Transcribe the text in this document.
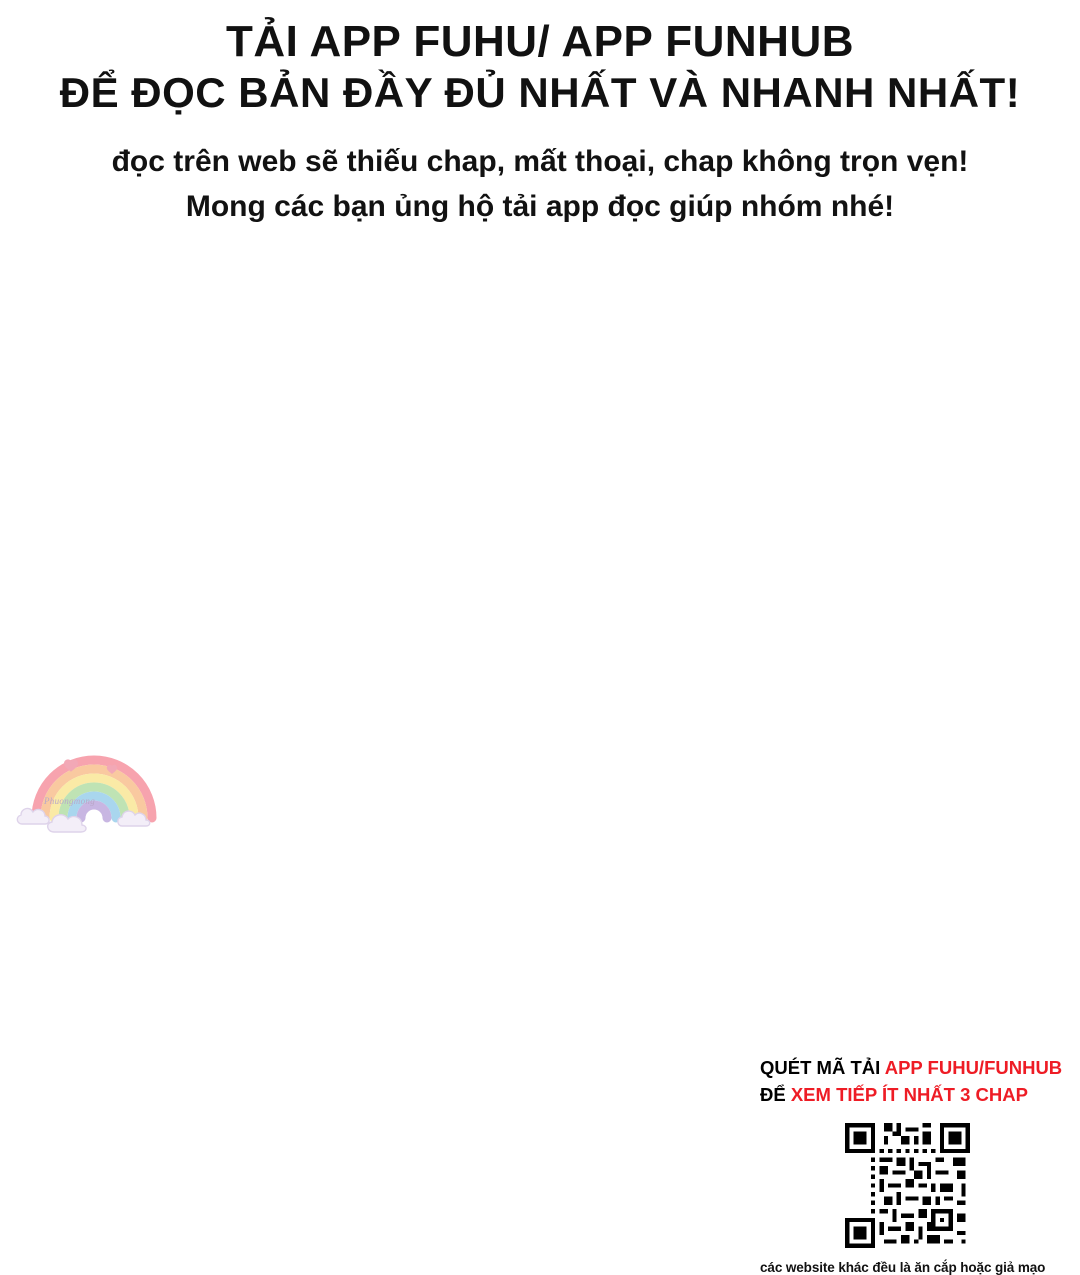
TẢI APP FUHU/ APP FUNHUB
ĐỂ ĐỌC BẢN ĐẦY ĐỦ NHẤT VÀ NHANH NHẤT!
đọc trên web sẽ thiếu chap, mất thoại, chap không trọn vẹn!
Mong các bạn ủng hộ tải app đọc giúp nhóm nhé!
Phuongmong
QUÉT MÃ TẢI APP FUHU/FUNHUB
ĐỂ XEM TIẾP ÍT NHẤT 3 CHAP
các website khác đều là ăn cắp hoặc giả mạo
